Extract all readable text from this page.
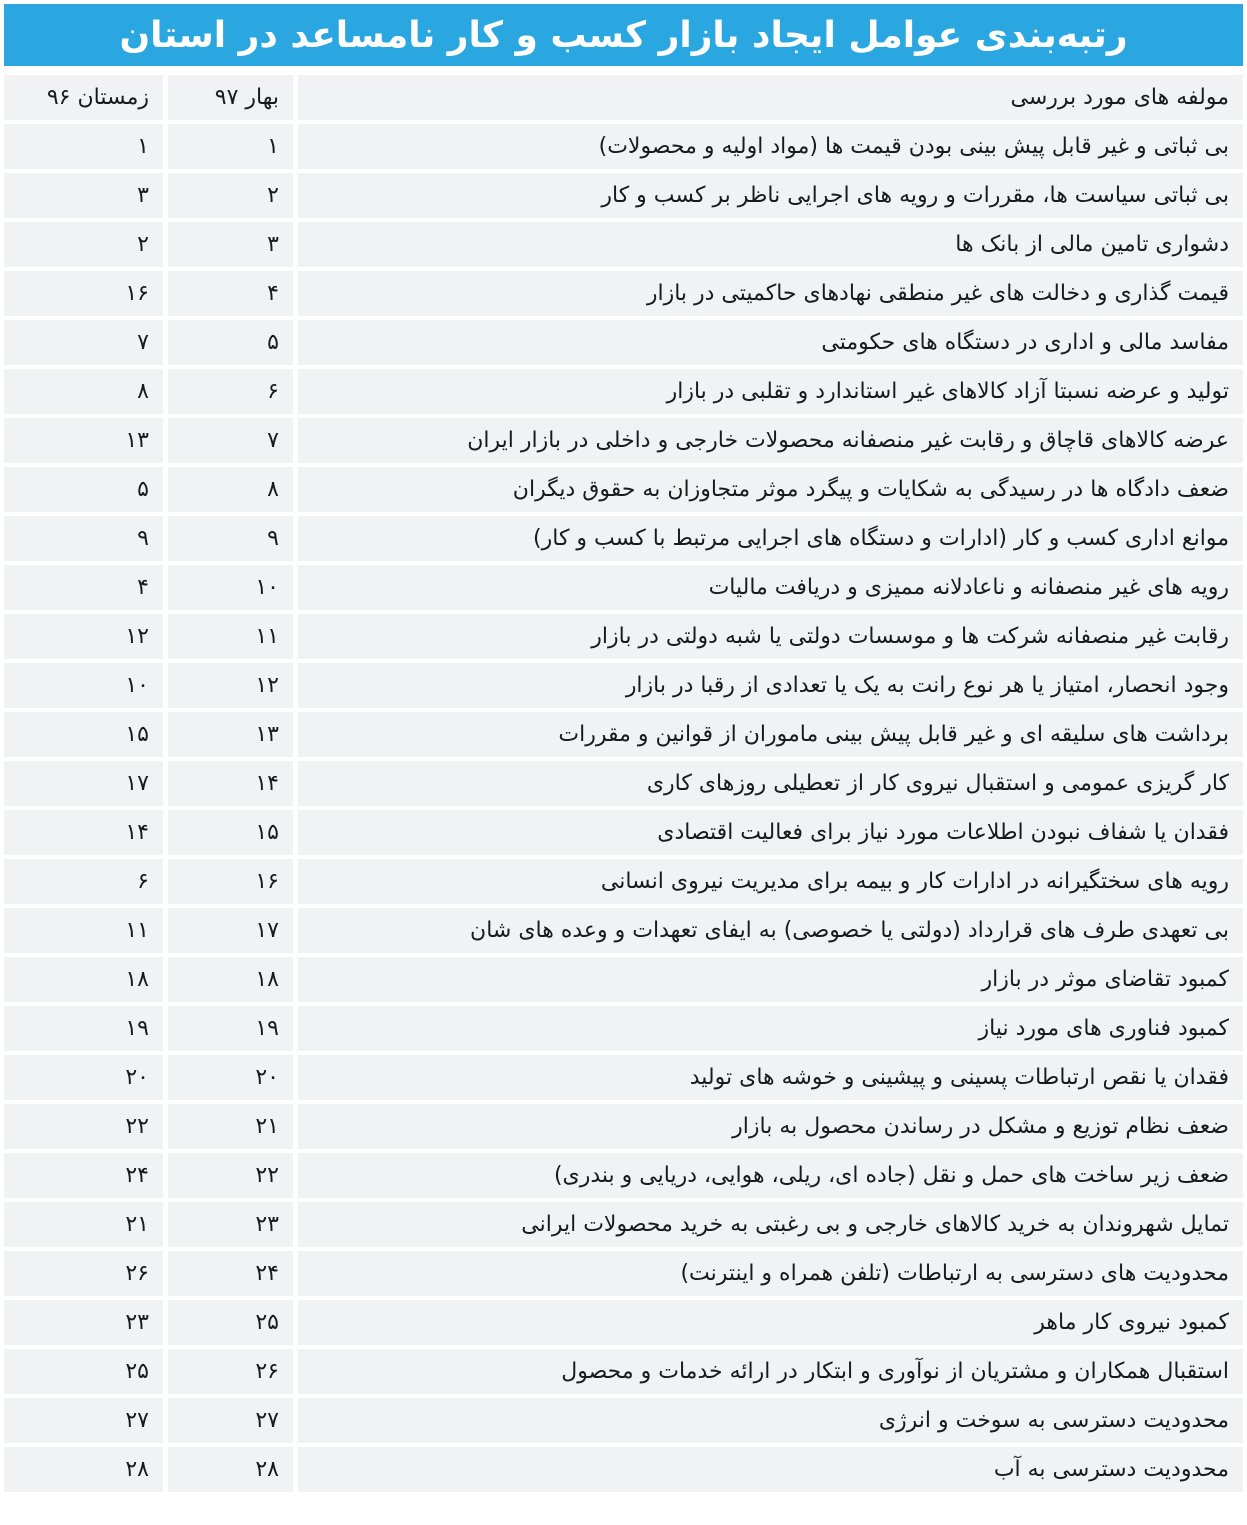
رتبه‌بندی عوامل ایجاد بازار کسب و کار نامساعد در استان
مولفه های مورد بررسی	بهار ۹۷	زمستان ۹۶
بی ثباتی و غیر قابل پیش بینی بودن قیمت ها (مواد اولیه و محصولات)	۱	۱
بی ثباتی سیاست ها، مقررات و رویه های اجرایی ناظر بر کسب و کار	۲	۳
دشواری تامین مالی از بانک ها	۳	۲
قیمت گذاری و دخالت های غیر منطقی نهادهای حاکمیتی در بازار	۴	۱۶
مفاسد مالی و اداری در دستگاه های حکومتی	۵	۷
تولید و عرضه نسبتا آزاد کالاهای غیر استاندارد و تقلبی در بازار	۶	۸
عرضه کالاهای قاچاق و رقابت غیر منصفانه محصولات خارجی و داخلی در بازار ایران	۷	۱۳
ضعف دادگاه ها در رسیدگی به شکایات و پیگرد موثر متجاوزان به حقوق دیگران	۸	۵
موانع اداری کسب و کار (ادارات و دستگاه های اجرایی مرتبط با کسب و کار)	۹	۹
رویه های غیر منصفانه و ناعادلانه ممیزی و دریافت مالیات	۱۰	۴
رقابت غیر منصفانه شرکت ها و موسسات دولتی یا شبه دولتی در بازار	۱۱	۱۲
وجود انحصار، امتیاز یا هر نوع رانت به یک یا تعدادی از رقبا در بازار	۱۲	۱۰
برداشت های سلیقه ای و غیر قابل پیش بینی ماموران از قوانین و مقررات	۱۳	۱۵
کار گریزی عمومی و استقبال نیروی کار از تعطیلی روزهای کاری	۱۴	۱۷
فقدان یا شفاف نبودن اطلاعات مورد نیاز برای فعالیت اقتصادی	۱۵	۱۴
رویه های سختگیرانه در ادارات کار و بیمه برای مدیریت نیروی انسانی	۱۶	۶
بی تعهدی طرف های قرارداد (دولتی یا خصوصی) به ایفای تعهدات و وعده های شان	۱۷	۱۱
کمبود تقاضای موثر در بازار	۱۸	۱۸
کمبود فناوری های مورد نیاز	۱۹	۱۹
فقدان یا نقص ارتباطات پسینی و پیشینی و خوشه های تولید	۲۰	۲۰
ضعف نظام توزیع و مشکل در رساندن محصول به بازار	۲۱	۲۲
ضعف زیر ساخت های حمل و نقل (جاده ای، ریلی، هوایی، دریایی و بندری)	۲۲	۲۴
تمایل شهروندان به خرید کالاهای خارجی و بی رغبتی به خرید محصولات ایرانی	۲۳	۲۱
محدودیت های دسترسی به ارتباطات (تلفن همراه و اینترنت)	۲۴	۲۶
کمبود نیروی کار ماهر	۲۵	۲۳
استقبال همکاران و مشتریان از نوآوری و ابتکار در ارائه خدمات و محصول	۲۶	۲۵
محدودیت دسترسی به سوخت و انرژی	۲۷	۲۷
محدودیت دسترسی به آب	۲۸	۲۸
